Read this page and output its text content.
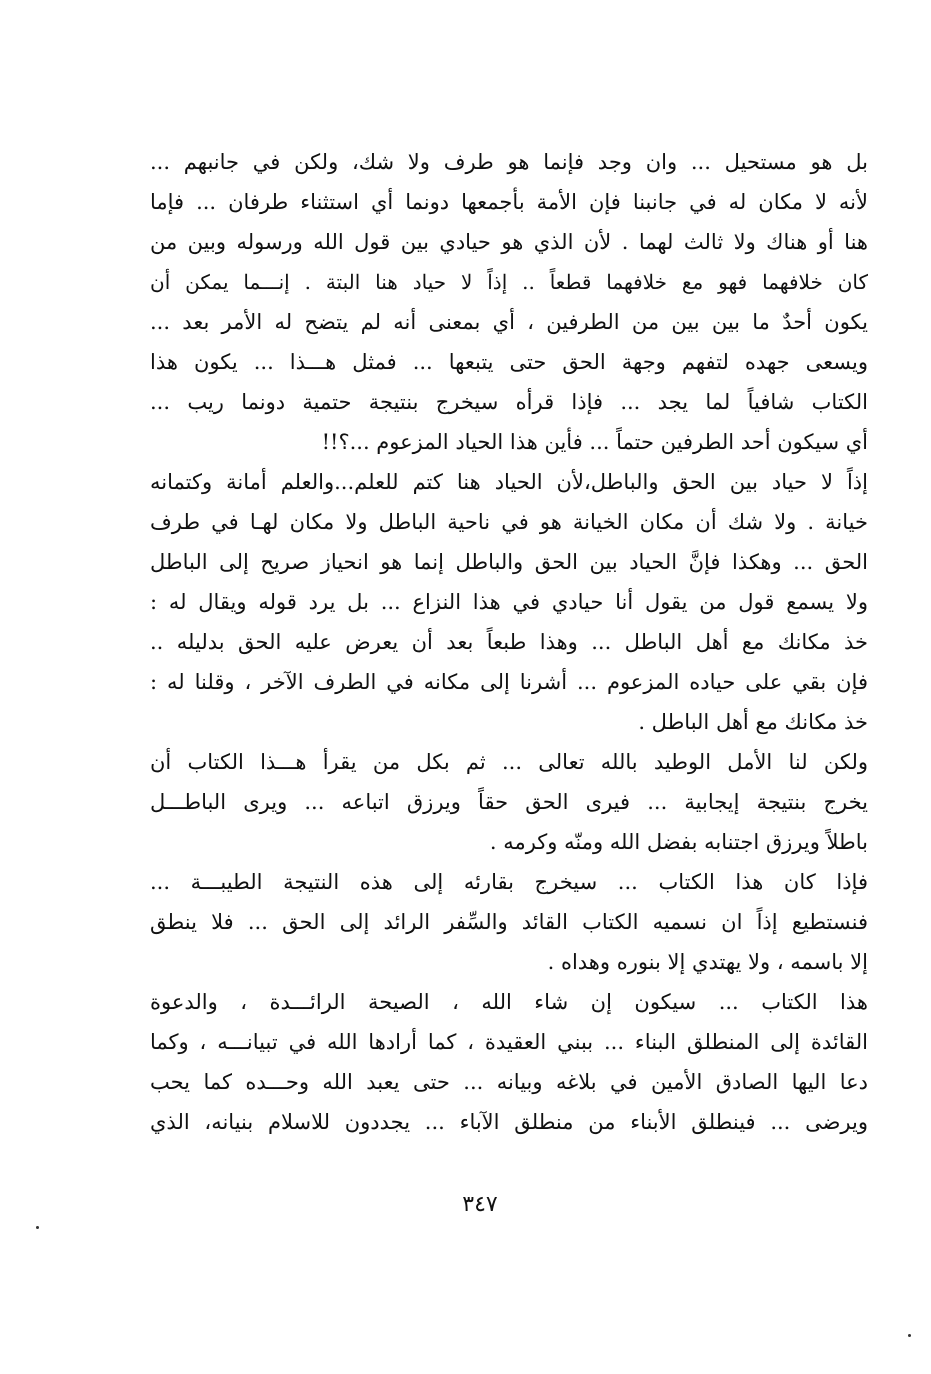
بل هو مستحيل ... وان وجد فإنما هو طرف ولا شك، ولكن في جانبهم ...
لأنه لا مكان له في جانبنا فإن الأمة بأجمعها دونما أي استثناء طرفان ... فإما
هنا أو هناك ولا ثالث لهما . لأن الذي هو حيادي بين قول الله ورسوله وبين من
كان خلافهما فهو مع خلافهما قطعاً .. إذاً لا حياد هنا البتة . إنـــما يمكن أن
يكون أحدٌ ما بين بين من الطرفين ، أي بمعنى أنه لم يتضح له الأمر بعد ...
ويسعى جهده لتفهم وجهة الحق حتى يتبعها ... فمثل هـــذا ... يكون هذا
الكتاب شافياً لما يجد ... فإذا قرأه سيخرج بنتيجة حتمية دونما ريب ...
أي سيكون أحد الطرفين حتماً ... فأين هذا الحياد المزعوم ...؟!!
إذاً لا حياد بين الحق والباطل،لأن الحياد هنا كتم للعلم...والعلم أمانة وكتمانه
خيانة . ولا شك أن مكان الخيانة هو في ناحية الباطل ولا مكان لهـا في طرف
الحق ... وهكذا فإنَّ الحياد بين الحق والباطل إنما هو انحياز صريح إلى الباطل
ولا يسمع قول من يقول أنا حيادي في هذا النزاع ... بل يرد قوله ويقال له :
خذ مكانك مع أهل الباطل ... وهذا طبعاً بعد أن يعرض عليه الحق بدليله ..
فإن بقي على حياده المزعوم ... أشرنا إلى مكانه في الطرف الآخر ، وقلنا له :
خذ مكانك مع أهل الباطل .
ولكن لنا الأمل الوطيد بالله تعالى ... ثم بكل من يقرأ هـــذا الكتاب أن
يخرج بنتيجة إيجابية ... فيرى الحق حقاً ويرزق اتباعه ... ويرى الباطـــل
باطلاً ويرزق اجتنابه بفضل الله ومنّه وكرمه .
فإذا كان هذا الكتاب ... سيخرج بقارئه إلى هذه النتيجة الطيبـــة ...
فنستطيع إذاً ان نسميه الكتاب القائد والسِّفر الرائد إلى الحق ... فلا ينطق
إلا باسمه ، ولا يهتدي إلا بنوره وهداه .
هذا الكتاب ... سيكون إن شاء الله ، الصيحة الرائـــدة ، والدعوة
القائدة إلى المنطلق البناء ... ببني العقيدة ، كما أرادها الله في تبيانـــه ، وكما
دعا اليها الصادق الأمين في بلاغه وبيانه ... حتى يعبد الله وحـــده كما يحب
ويرضى ... فينطلق الأبناء من منطلق الآباء ... يجددون للاسلام بنيانه، الذي
٣٤٧
